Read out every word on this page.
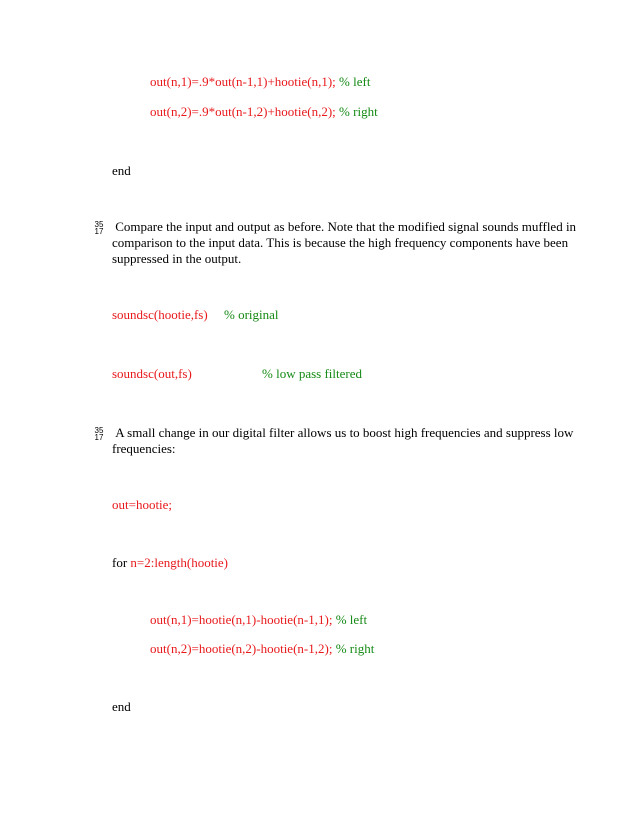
out(n,1)=.9*out(n-1,1)+hootie(n,1); % left
out(n,2)=.9*out(n-1,2)+hootie(n,2); % right
end
35
17 Compare the input and output as before. Note that the modified signal sounds muffled in comparison to the input data. This is because the high frequency components have been suppressed in the output.
soundsc(hootie,fs) % original
soundsc(out,fs)	% low pass filtered
35
17 A small change in our digital filter allows us to boost high frequencies and suppress low frequencies:
out=hootie;
for n=2:length(hootie)
out(n,1)=hootie(n,1)-hootie(n-1,1); % left
out(n,2)=hootie(n,2)-hootie(n-1,2); % right
end
